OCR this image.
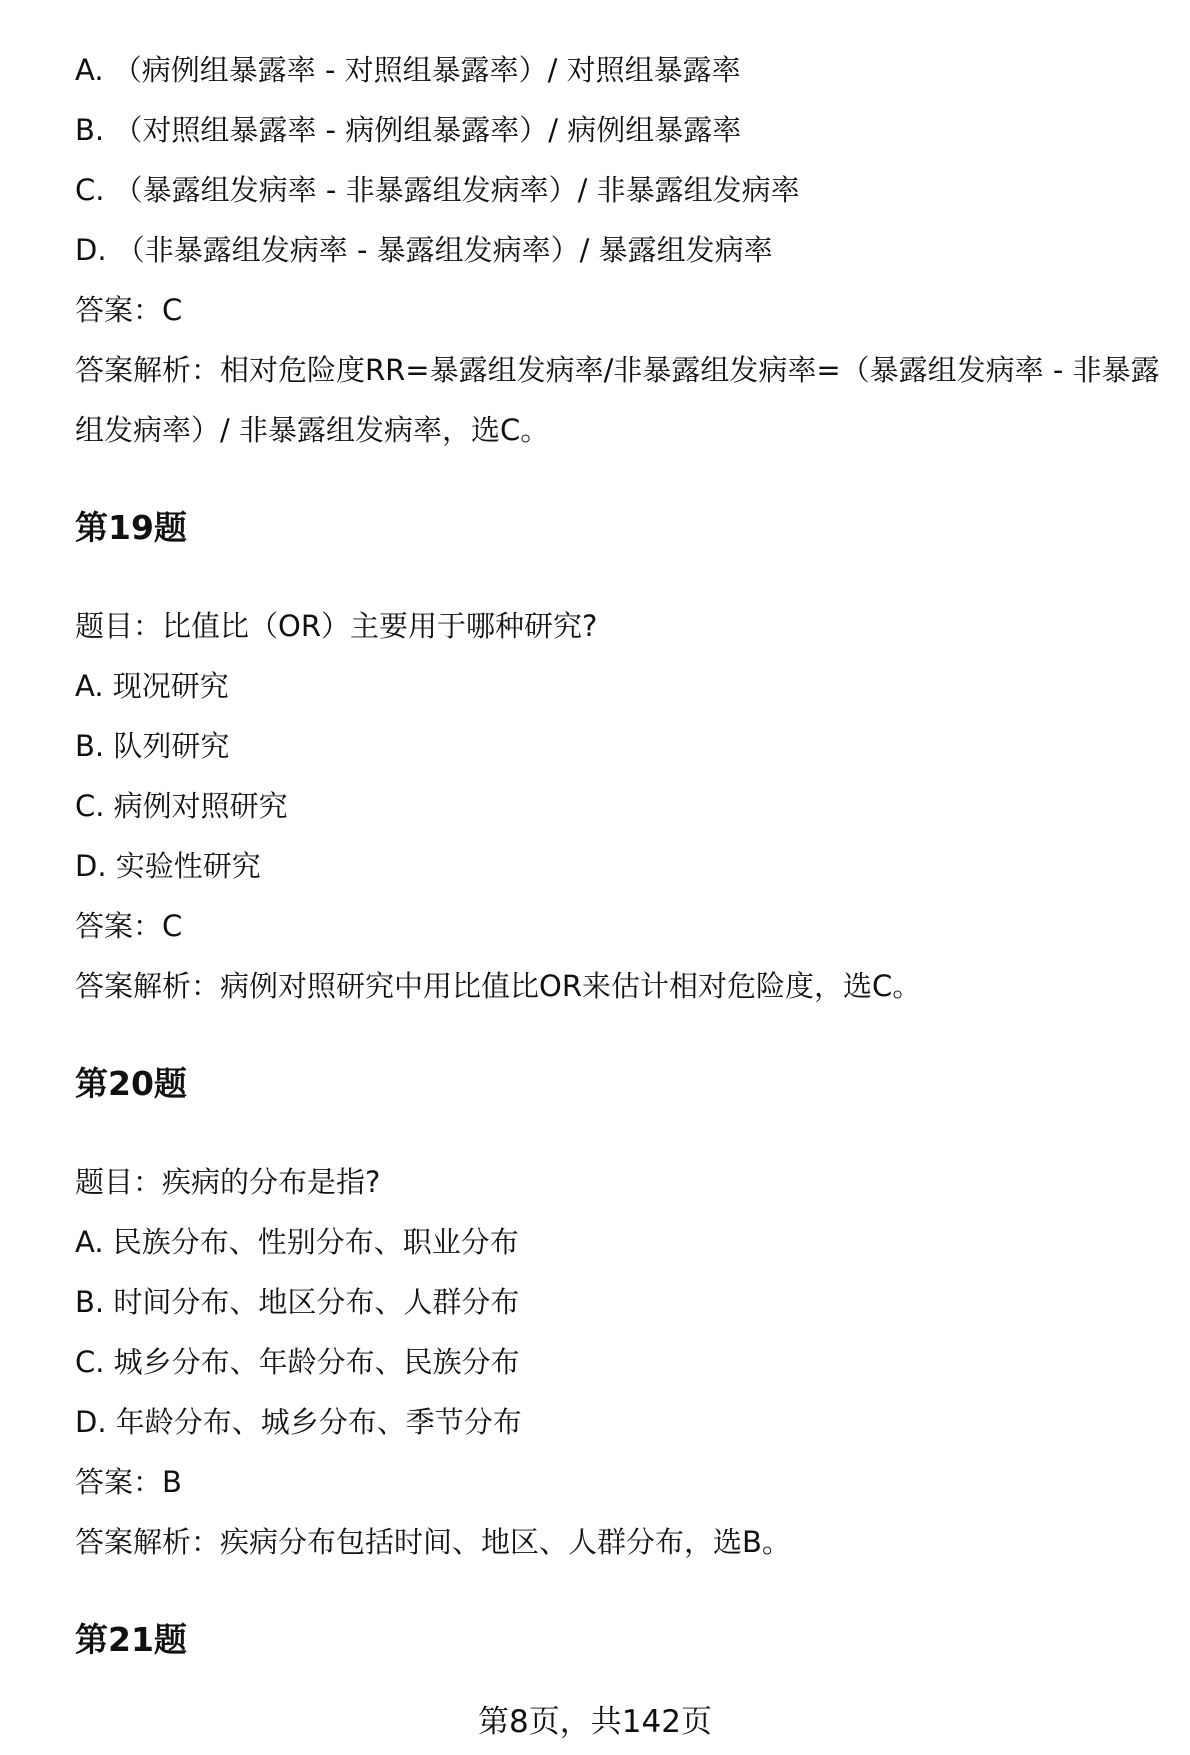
A. （病例组暴露率 - 对照组暴露率）/ 对照组暴露率
B. （对照组暴露率 - 病例组暴露率）/ 病例组暴露率
C. （暴露组发病率 - 非暴露组发病率）/ 非暴露组发病率
D. （非暴露组发病率 - 暴露组发病率）/ 暴露组发病率
答案：C
答案解析：相对危险度RR=暴露组发病率/非暴露组发病率=（暴露组发病率 - 非暴露组发病率）/ 非暴露组发病率，选C。
第19题
题目：比值比（OR）主要用于哪种研究?
A. 现况研究
B. 队列研究
C. 病例对照研究
D. 实验性研究
答案：C
答案解析：病例对照研究中用比值比OR来估计相对危险度，选C。
第20题
题目：疾病的分布是指?
A. 民族分布、性别分布、职业分布
B. 时间分布、地区分布、人群分布
C. 城乡分布、年龄分布、民族分布
D. 年龄分布、城乡分布、季节分布
答案：B
答案解析：疾病分布包括时间、地区、人群分布，选B。
第21题
第8页，共142页
